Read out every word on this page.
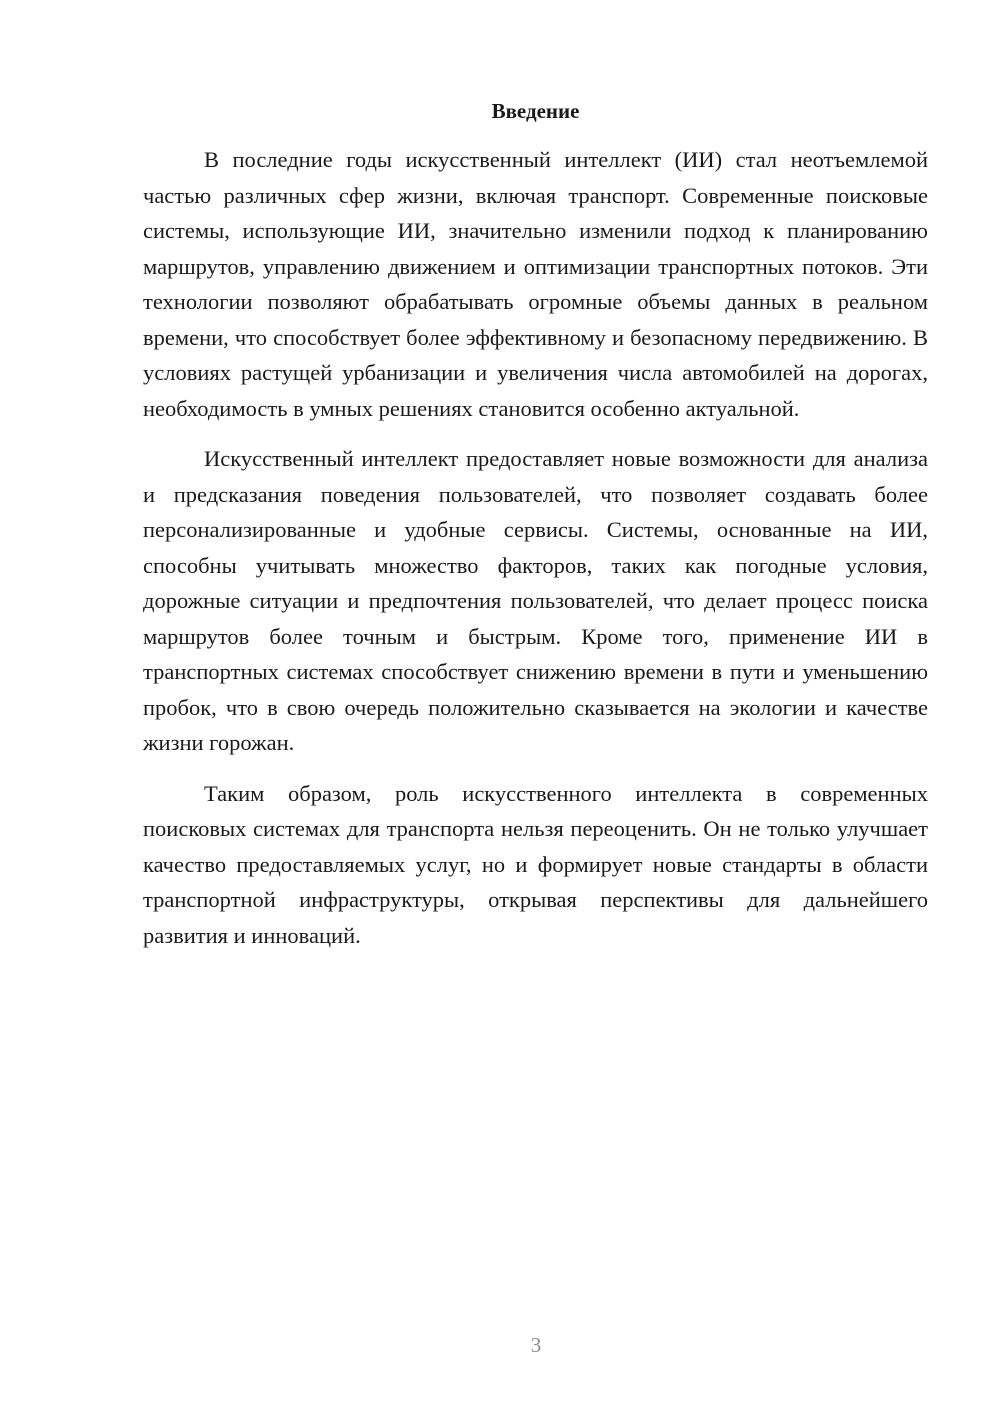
Введение

В последние годы искусственный интеллект (ИИ) стал неотъемлемой частью различных сфер жизни, включая транспорт. Современные поисковые системы, использующие ИИ, значительно изменили подход к планированию маршрутов, управлению движением и оптимизации транспортных потоков. Эти технологии позволяют обрабатывать огромные объемы данных в реальном времени, что способствует более эффективному и безопасному передвижению. В условиях растущей урбанизации и увеличения числа автомобилей на дорогах, необходимость в умных решениях становится особенно актуальной.

Искусственный интеллект предоставляет новые возможности для анализа и предсказания поведения пользователей, что позволяет создавать более персонализированные и удобные сервисы. Системы, основанные на ИИ, способны учитывать множество факторов, таких как погодные условия, дорожные ситуации и предпочтения пользователей, что делает процесс поиска маршрутов более точным и быстрым. Кроме того, применение ИИ в транспортных системах способствует снижению времени в пути и уменьшению пробок, что в свою очередь положительно сказывается на экологии и качестве жизни горожан.

Таким образом, роль искусственного интеллекта в современных поисковых системах для транспорта нельзя переоценить. Он не только улучшает качество предоставляемых услуг, но и формирует новые стандарты в области транспортной инфраструктуры, открывая перспективы для дальнейшего развития и инноваций.

3
